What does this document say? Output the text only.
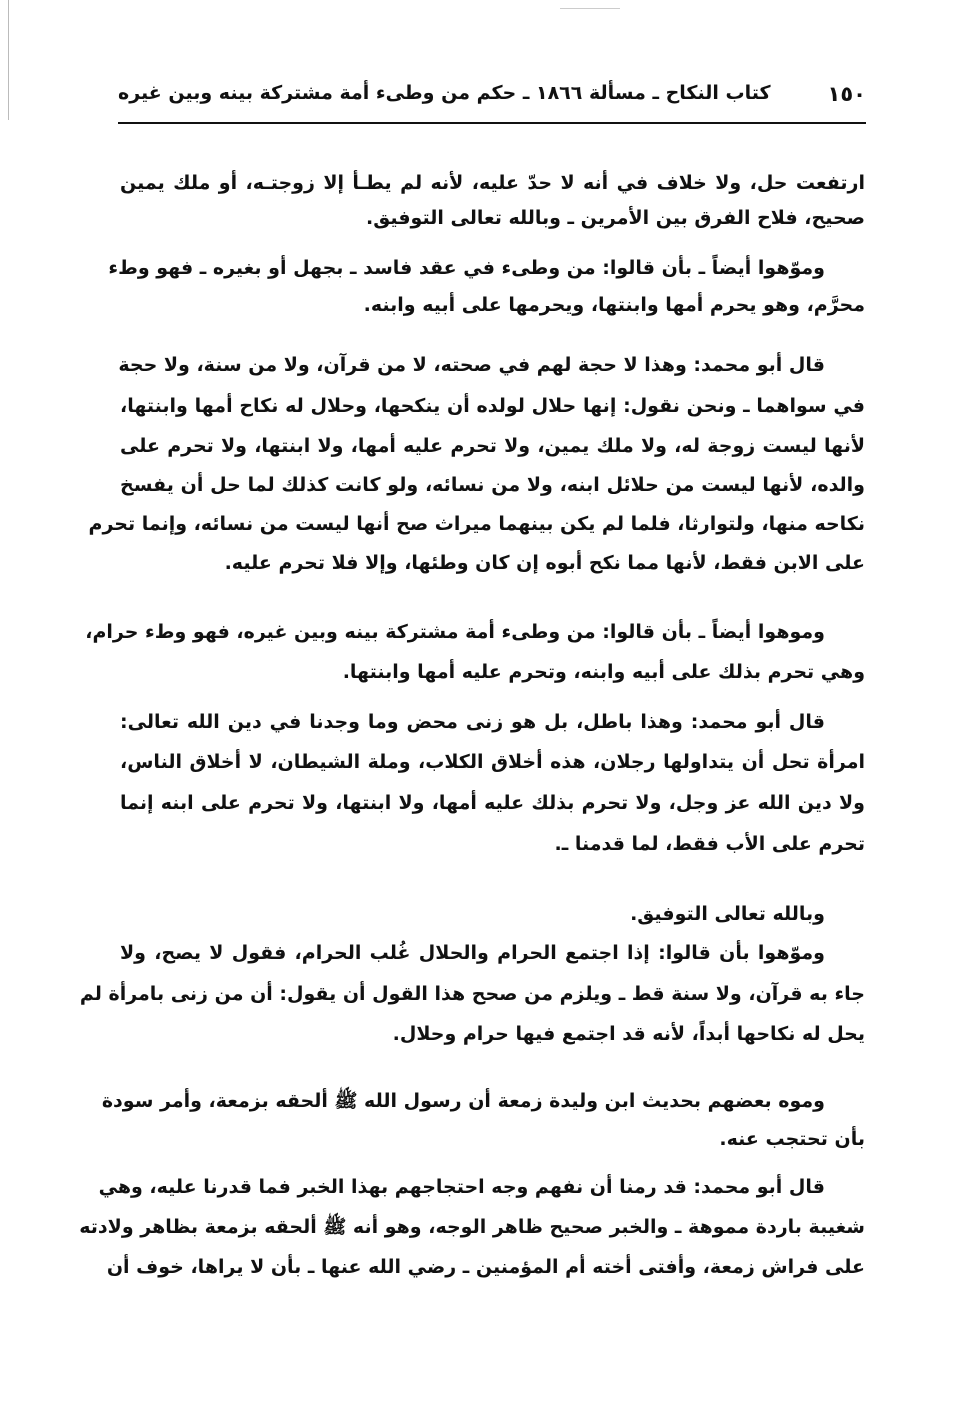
١٥٠
كتاب النكاح ـ مسألة ١٨٦٦ ـ حكم من وطىء أمة مشتركة بينه وبين غيره
ارتفعت حل، ولا خلاف في أنه لا حدّ عليه، لأنه لم يطـأ إلا زوجتـه، أو ملك يمين
صحيح، فلاح الفرق بين الأمرين ـ وبالله تعالى التوفيق.
وموّهوا أيضاً ـ بأن قالوا: من وطىء في عقد فاسد ـ بجهل أو بغيره ـ فهو وطء
محرَّم، وهو يحرم أمها وابنتها، ويحرمها على أبيه وابنه.
قال أبو محمد: وهذا لا حجة لهم في صحته، لا من قرآن، ولا من سنة، ولا حجة
في سواهما ـ ونحن نقول: إنها حلال لولده أن ينكحها، وحلال له نكاح أمها وابنتها،
لأنها ليست زوجة له، ولا ملك يمين، ولا تحرم عليه أمها، ولا ابنتها، ولا تحرم على
والده، لأنها ليست من حلائل ابنه، ولا من نسائه، ولو كانت كذلك لما حل أن يفسخ
نكاحه منها، ولتوارثا، فلما لم يكن بينهما ميراث صح أنها ليست من نسائه، وإنما تحرم
على الابن فقط، لأنها مما نكح أبوه إن كان وطئها، وإلا فلا تحرم عليه.
وموهوا أيضاً ـ بأن قالوا: من وطىء أمة مشتركة بينه وبين غيره، فهو وطء حرام،
وهي تحرم بذلك على أبيه وابنه، وتحرم عليه أمها وابنتها.
قال أبو محمد: وهذا باطل، بل هو زنى محض وما وجدنا في دين الله تعالى:
امرأة تحل أن يتداولها رجلان، هذه أخلاق الكلاب، وملة الشيطان، لا أخلاق الناس،
ولا دين الله عز وجل، ولا تحرم بذلك عليه أمها، ولا ابنتها، ولا تحرم على ابنه إنما
تحرم على الأب فقط، لما قدمنا ـ.
وبالله تعالى التوفيق.
وموّهوا بأن قالوا: إذا اجتمع الحرام والحلال غُلب الحرام، فقول لا يصح، ولا
جاء به قرآن، ولا سنة قط ـ ويلزم من صحح هذا القول أن يقول: أن من زنى بامرأة لم
يحل له نكاحها أبداً، لأنه قد اجتمع فيها حرام وحلال.
وموه بعضهم بحديث ابن وليدة زمعة أن رسول الله ﷺ ألحقه بزمعة، وأمر سودة
بأن تحتجب عنه.
قال أبو محمد: قد رمنا أن نفهم وجه احتجاجهم بهذا الخبر فما قدرنا عليه، وهي
شغيبة باردة مموهة ـ والخبر صحيح ظاهر الوجه، وهو أنه ﷺ ألحقه بزمعة بظاهر ولادته
على فراش زمعة، وأفتى أخته أم المؤمنين ـ رضي الله عنها ـ بأن لا يراها، خوف أن
